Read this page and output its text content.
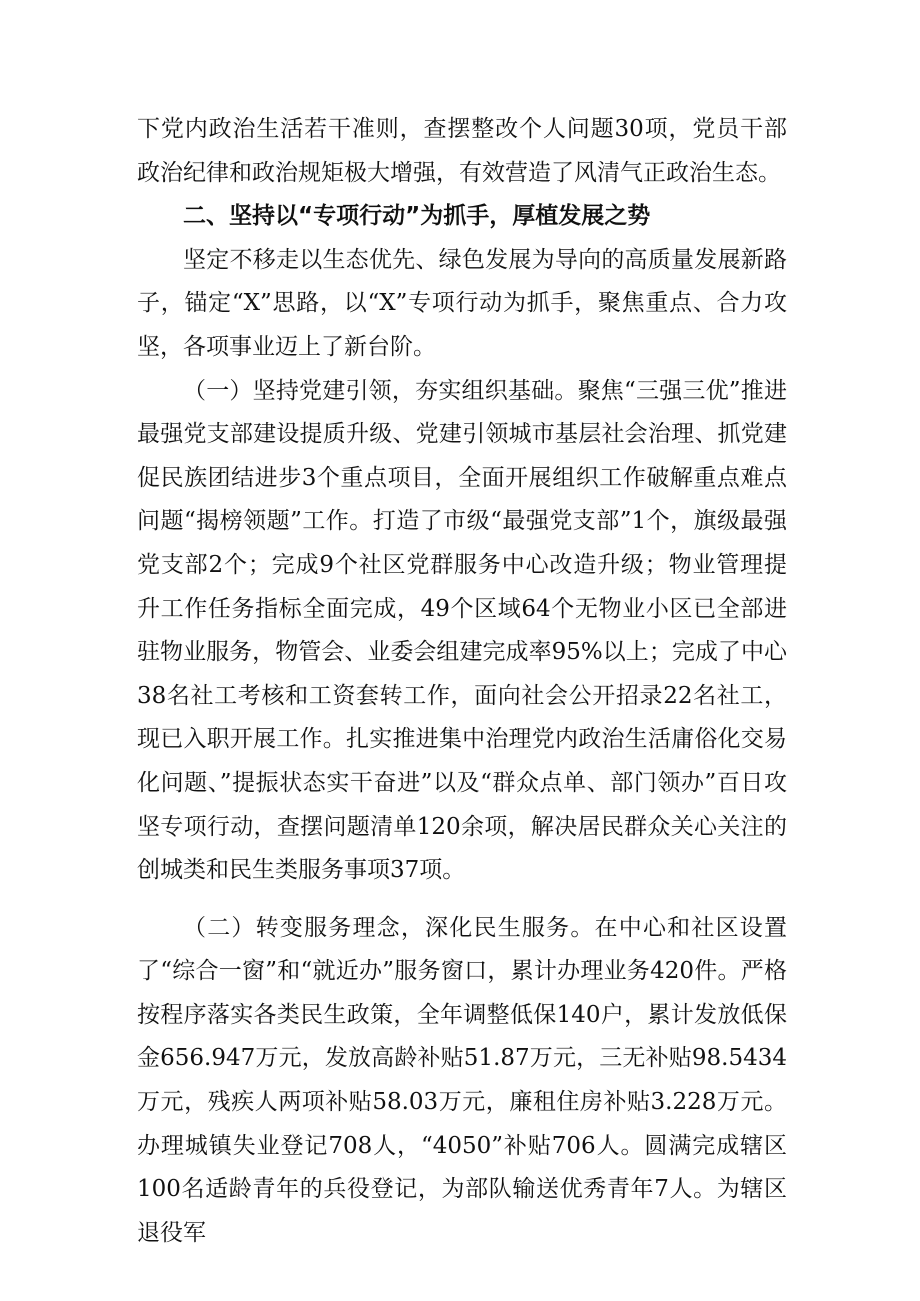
下党内政治生活若干准则，查摆整改个人问题30项，党员干部政治纪律和政治规矩极大增强，有效营造了风清气正政治生态。

二、坚持以“专项行动”为抓手，厚植发展之势

坚定不移走以生态优先、绿色发展为导向的高质量发展新路子，锚定“X”思路，以“X”专项行动为抓手，聚焦重点、合力攻坚，各项事业迈上了新台阶。

（一）坚持党建引领，夯实组织基础。聚焦“三强三优”推进最强党支部建设提质升级、党建引领城市基层社会治理、抓党建促民族团结进步3个重点项目，全面开展组织工作破解重点难点问题“揭榜领题”工作。打造了市级“最强党支部”1个，旗级最强党支部2个；完成9个社区党群服务中心改造升级；物业管理提升工作任务指标全面完成，49个区域64个无物业小区已全部进驻物业服务，物管会、业委会组建完成率95%以上；完成了中心38名社工考核和工资套转工作，面向社会公开招录22名社工，现已入职开展工作。扎实推进集中治理党内政治生活庸俗化交易化问题、”提振状态实干奋进”以及“群众点单、部门领办”百日攻坚专项行动，查摆问题清单120余项，解决居民群众关心关注的创城类和民生类服务事项37项。

（二）转变服务理念，深化民生服务。在中心和社区设置了“综合一窗”和“就近办”服务窗口，累计办理业务420件。严格按程序落实各类民生政策，全年调整低保140户，累计发放低保金656.947万元，发放高龄补贴51.87万元，三无补贴98.5434万元，残疾人两项补贴58.03万元，廉租住房补贴3.228万元。办理城镇失业登记708人，“4050”补贴706人。圆满完成辖区100名适龄青年的兵役登记，为部队输送优秀青年7人。为辖区退役军
